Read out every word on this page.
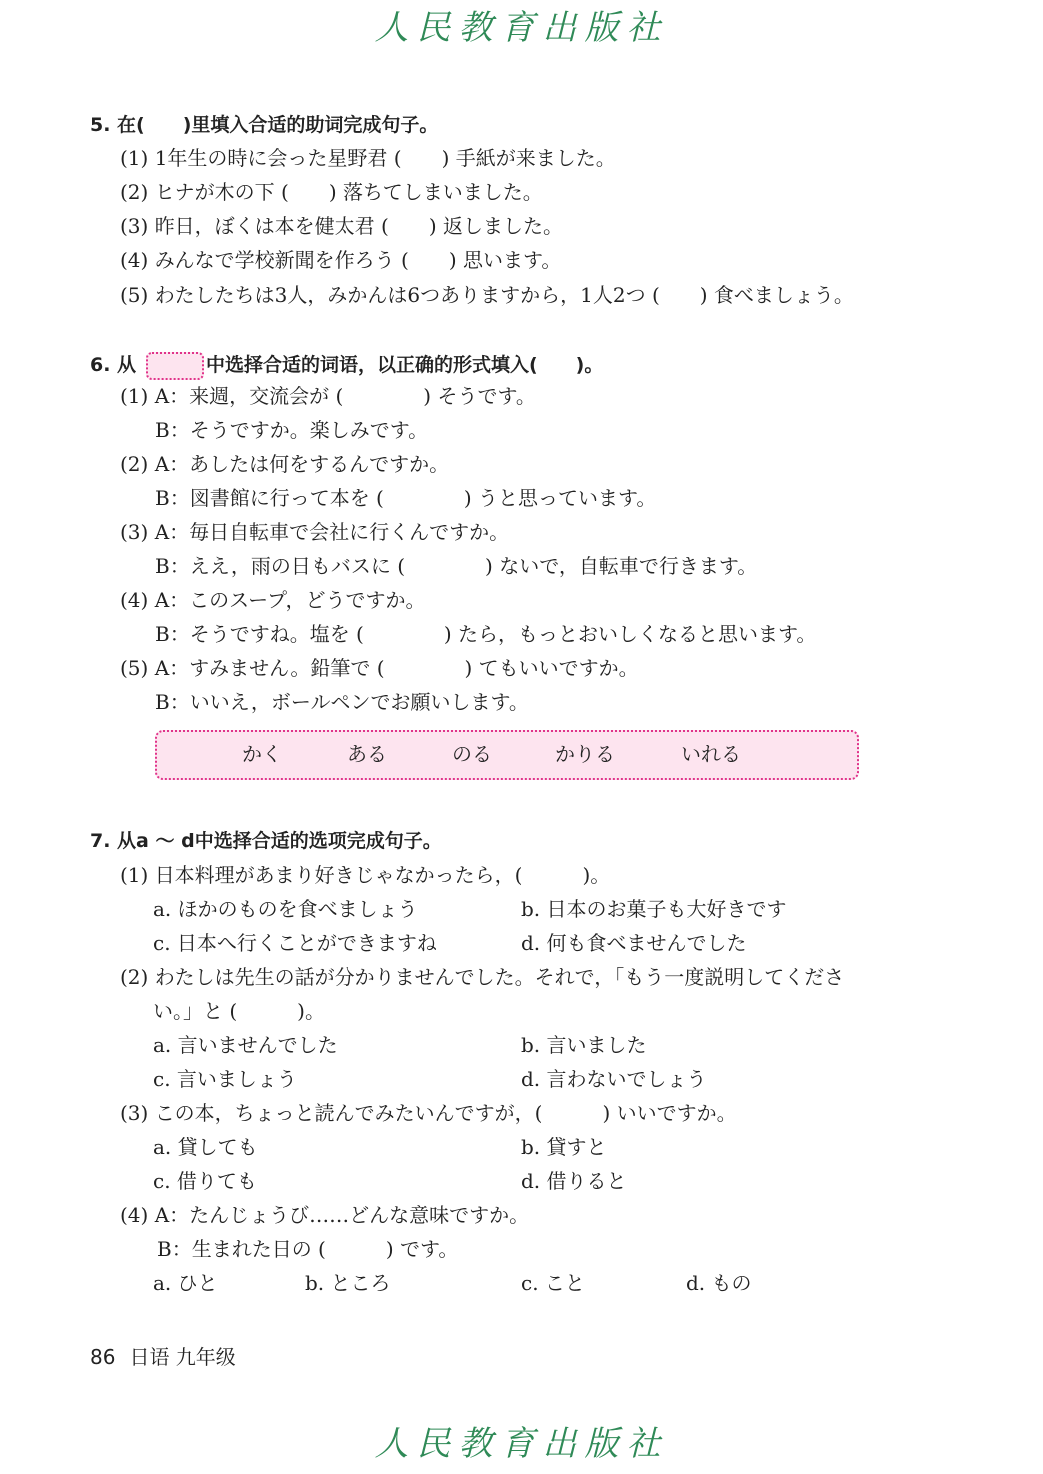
人民教育出版社
5. 在(　　)里填入合适的助词完成句子。
(1) 1年生の時に会った星野君 (　　) 手紙が来ました。
(2) ヒナが木の下 (　　) 落ちてしまいました。
(3) 昨日，ぼくは本を健太君 (　　) 返しました。
(4) みんなで学校新聞を作ろう (　　) 思います。
(5) わたしたちは3人，みかんは6つありますから，1人2つ (　　) 食べましょう。
6. 从	中选择合适的词语，以正确的形式填入(　　)。
(1) A：来週，交流会が (　　　　) そうです。
B：そうですか。楽しみです。
(2) A：あしたは何をするんですか。
B：図書館に行って本を (　　　　) うと思っています。
(3) A：毎日自転車で会社に行くんですか。
B：ええ，雨の日もバスに (　　　　) ないで，自転車で行きます。
(4) A：このスープ，どうですか。
B：そうですね。塩を (　　　　) たら，もっとおいしくなると思います。
(5) A：すみません。鉛筆で (　　　　) てもいいですか。
B：いいえ，ボールペンでお願いします。
かく	ある	のる	かりる	いれる
7. 从a ～ d中选择合适的选项完成句子。
(1) 日本料理があまり好きじゃなかったら，(　　　)。
a. ほかのものを食べましょう	b. 日本のお菓子も大好きです
c. 日本へ行くことができますね	d. 何も食べませんでした
(2) わたしは先生の話が分かりませんでした。それで，「もう一度説明してくださ
い。」と (　　　)。
a. 言いませんでした	b. 言いました
c. 言いましょう	d. 言わないでしょう
(3) この本，ちょっと読んでみたいんですが，(　　　) いいですか。
a. 貸しても	b. 貸すと
c. 借りても	d. 借りると
(4) A：たんじょうび……どんな意味ですか。
B：生まれた日の (　　　) です。
a. ひと	b. ところ	c. こと	d. もの
86 日语 九年级
人民教育出版社
